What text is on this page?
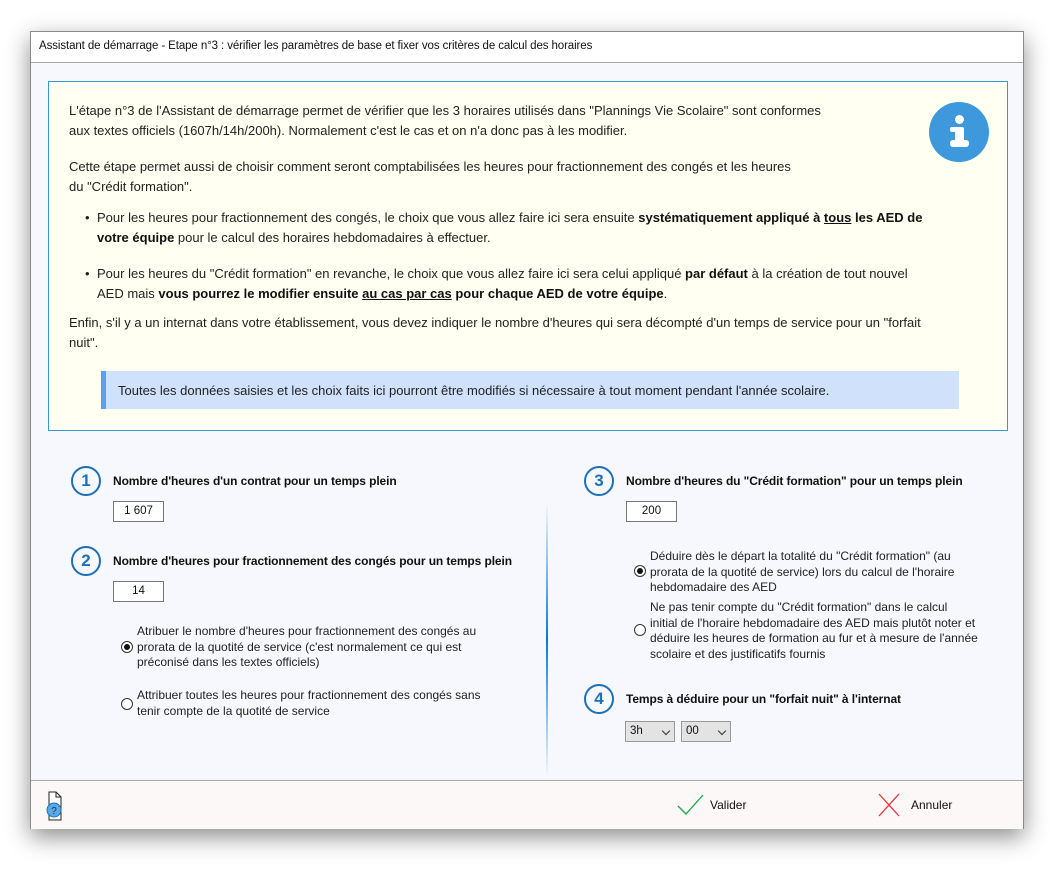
Assistant de démarrage - Etape n°3 : vérifier les paramètres de base et fixer vos critères de calcul des horaires

L'étape n°3 de l'Assistant de démarrage permet de vérifier que les 3 horaires utilisés dans "Plannings Vie Scolaire" sont conformes

aux textes officiels (1607h/14h/200h). Normalement c'est le cas et on n'a donc pas à les modifier.

Cette étape permet aussi de choisir comment seront comptabilisées les heures pour fractionnement des congés et les heures

du "Crédit formation".

• Pour les heures pour fractionnement des congés, le choix que vous allez faire ici sera ensuite systématiquement appliqué à tous les AED de
votre équipe pour le calcul des horaires hebdomadaires à effectuer.
• Pour les heures du "Crédit formation" en revanche, le choix que vous allez faire ici sera celui appliqué par défaut à la création de tout nouvel
AED mais vous pourrez le modifier ensuite au cas par cas pour chaque AED de votre équipe.

Enfin, s'il y a un internat dans votre établissement, vous devez indiquer le nombre d'heures qui sera décompté d'un temps de service pour un "forfait

nuit".

Toutes les données saisies et les choix faits ici pourront être modifiés si nécessaire à tout moment pendant l'année scolaire.
1	Nombre d'heures d'un contrat pour un temps plein
1 607
2	Nombre d'heures pour fractionnement des congés pour un temps plein
14
Atribuer le nombre d'heures pour fractionnement des congés au
prorata de la quotité de service (c'est normalement ce qui est
préconisé dans les textes officiels)
Attribuer toutes les heures pour fractionnement des congés sans
tenir compte de la quotité de service
3	Nombre d'heures du "Crédit formation" pour un temps plein
200
Déduire dès le départ la totalité du "Crédit formation" (au
prorata de la quotité de service) lors du calcul de l'horaire
hebdomadaire des AED
Ne pas tenir compte du "Crédit formation" dans le calcul
initial de l'horaire hebdomadaire des AED mais plutôt noter et
déduire les heures de formation au fur et à mesure de l'année
scolaire et des justificatifs fournis
4	Temps à déduire pour un "forfait nuit" à l'internat
3h	00
?	Valider	Annuler
